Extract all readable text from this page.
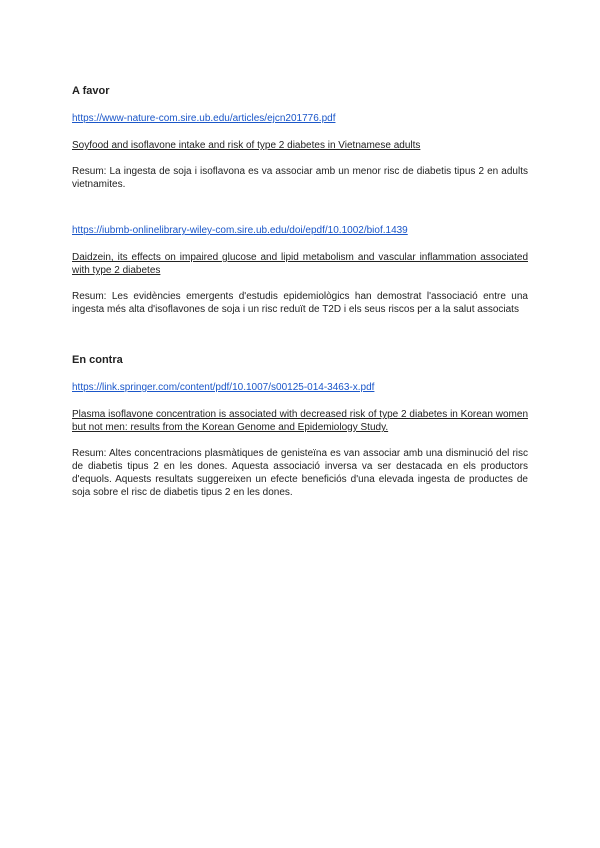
A favor
https://www-nature-com.sire.ub.edu/articles/ejcn201776.pdf
Soyfood and isoflavone intake and risk of type 2 diabetes in Vietnamese adults

Resum: La ingesta de soja i isoflavona es va associar amb un menor risc de diabetis tipus 2 en adults vietnamites.

https://iubmb-onlinelibrary-wiley-com.sire.ub.edu/doi/epdf/10.1002/biof.1439
Daidzein, its effects on impaired glucose and lipid metabolism and vascular inflammation associated with type 2 diabetes

Resum: Les evidències emergents d'estudis epidemiològics han demostrat l'associació entre una ingesta més alta d'isoflavones de soja i un risc reduït de T2D i els seus riscos per a la salut associats

En contra
https://link.springer.com/content/pdf/10.1007/s00125-014-3463-x.pdf
Plasma isoflavone concentration is associated with decreased risk of type 2 diabetes in Korean women but not men: results from the Korean Genome and Epidemiology Study.

Resum: Altes concentracions plasmàtiques de genisteïna es van associar amb una disminució del risc de diabetis tipus 2 en les dones. Aquesta associació inversa va ser destacada en els productors d'equols. Aquests resultats suggereixen un efecte beneficiós d'una elevada ingesta de productes de soja sobre el risc de diabetis tipus 2 en les dones.
